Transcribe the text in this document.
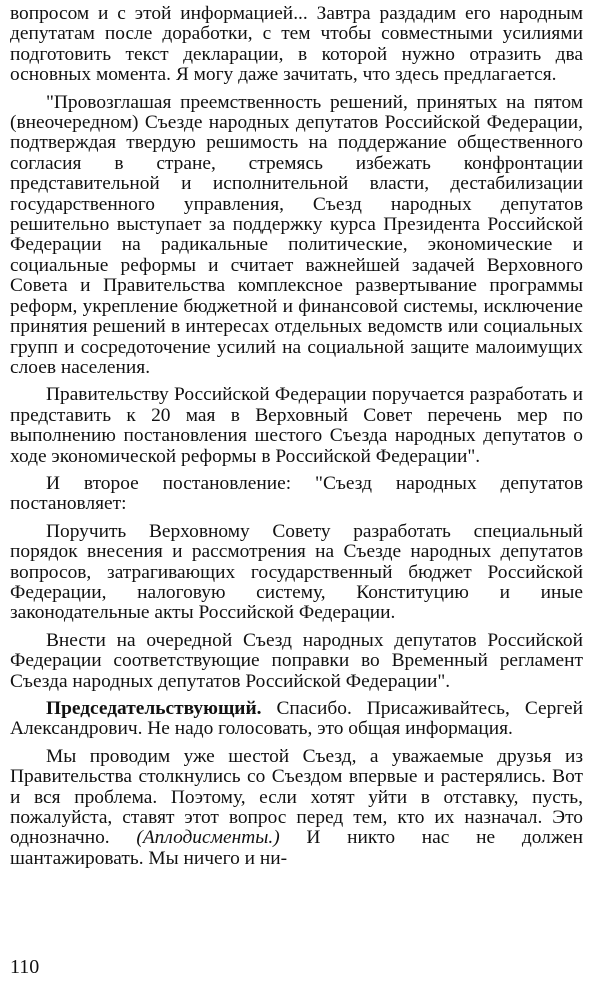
вопросом и с этой информацией... Завтра раздадим его народным депутатам после доработки, с тем чтобы совместными усилиями подготовить текст декларации, в которой нужно отразить два основных момента. Я могу даже зачитать, что здесь предлагается.

"Провозглашая преемственность решений, принятых на пятом (внеочередном) Съезде народных депутатов Российской Федерации, подтверждая твердую решимость на поддержание общественного согласия в стране, стремясь избежать конфронтации представительной и исполнительной власти, дестабилизации государственного управления, Съезд народных депутатов решительно выступает за поддержку курса Президента Российской Федерации на радикальные политические, экономические и социальные реформы и считает важнейшей задачей Верховного Совета и Правительства комплексное развертывание программы реформ, укрепление бюджетной и финансовой системы, исключение принятия решений в интересах отдельных ведомств или социальных групп и сосредоточение усилий на социальной защите малоимущих слоев населения.

Правительству Российской Федерации поручается разработать и представить к 20 мая в Верховный Совет перечень мер по выполнению постановления шестого Съезда народных депутатов о ходе экономической реформы в Российской Федерации".

И второе постановление: "Съезд народных депутатов постановляет:

Поручить Верховному Совету разработать специальный порядок внесения и рассмотрения на Съезде народных депутатов вопросов, затрагивающих государственный бюджет Российской Федерации, налоговую систему, Конституцию и иные законодательные акты Российской Федерации.

Внести на очередной Съезд народных депутатов Российской Федерации соответствующие поправки во Временный регламент Съезда народных депутатов Российской Федерации".

Председательствующий. Спасибо. Присаживайтесь, Сергей Александрович. Не надо голосовать, это общая информация.

Мы проводим уже шестой Съезд, а уважаемые друзья из Правительства столкнулись со Съездом впервые и растерялись. Вот и вся проблема. Поэтому, если хотят уйти в отставку, пусть, пожалуйста, ставят этот вопрос перед тем, кто их назначал. Это однозначно. (Аплодисменты.) И никто нас не должен шантажировать. Мы ничего и ни-

110
